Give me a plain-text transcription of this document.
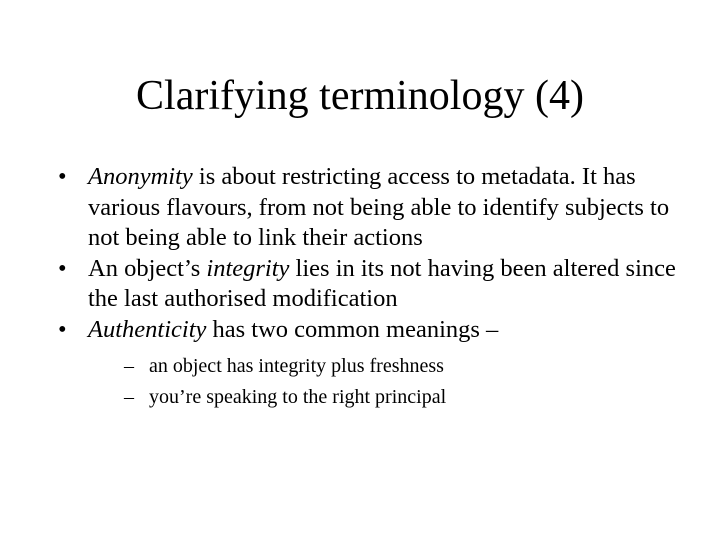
Clarifying terminology (4)
• Anonymity is about restricting access to metadata. It has various flavours, from not being able to identify subjects to not being able to link their actions
• An object’s integrity lies in its not having been altered since the last authorised modification
• Authenticity has two common meanings –
– an object has integrity plus freshness
– you’re speaking to the right principal
